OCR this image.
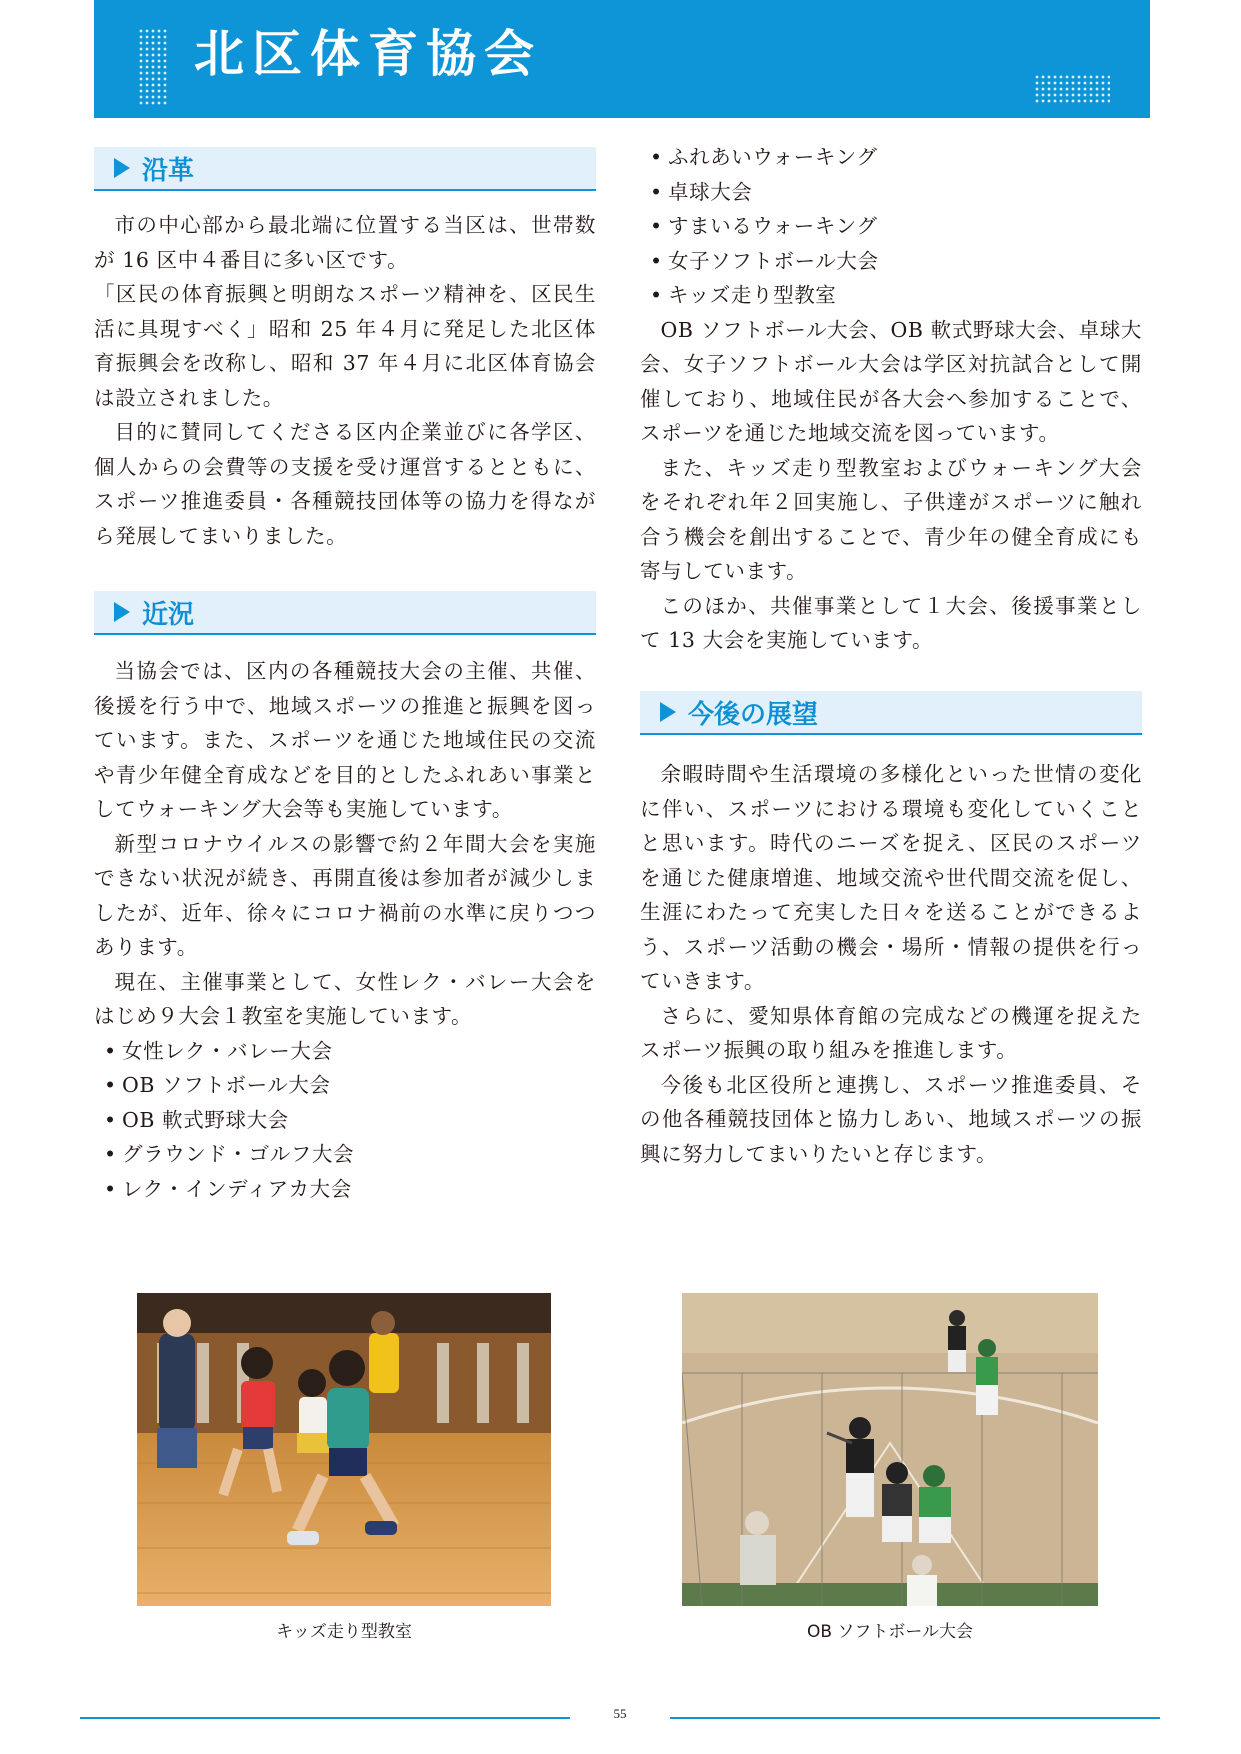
北区体育協会
沿革

市の中心部から最北端に位置する当区は、世帯数が 16 区中４番目に多い区です。

「区民の体育振興と明朗なスポーツ精神を、区民生活に具現すべく」昭和 25 年４月に発足した北区体育振興会を改称し、昭和 37 年４月に北区体育協会は設立されました。

目的に賛同してくださる区内企業並びに各学区、個人からの会費等の支援を受け運営するとともに、スポーツ推進委員・各種競技団体等の協力を得ながら発展してまいりました。

近況

当協会では、区内の各種競技大会の主催、共催、後援を行う中で、地域スポーツの推進と振興を図っています。また、スポーツを通じた地域住民の交流や青少年健全育成などを目的としたふれあい事業としてウォーキング大会等も実施しています。

新型コロナウイルスの影響で約２年間大会を実施できない状況が続き、再開直後は参加者が減少しましたが、近年、徐々にコロナ禍前の水準に戻りつつあります。

現在、主催事業として、女性レク・バレー大会をはじめ９大会１教室を実施しています。

• 女性レク・バレー大会
• OB ソフトボール大会
• OB 軟式野球大会
• グラウンド・ゴルフ大会
• レク・インディアカ大会
• ふれあいウォーキング
• 卓球大会
• すまいるウォーキング
• 女子ソフトボール大会
• キッズ走り型教室

OB ソフトボール大会、OB 軟式野球大会、卓球大会、女子ソフトボール大会は学区対抗試合として開催しており、地域住民が各大会へ参加することで、スポーツを通じた地域交流を図っています。

また、キッズ走り型教室およびウォーキング大会をそれぞれ年２回実施し、子供達がスポーツに触れ合う機会を創出することで、青少年の健全育成にも寄与しています。

このほか、共催事業として１大会、後援事業として 13 大会を実施しています。

今後の展望

余暇時間や生活環境の多様化といった世情の変化に伴い、スポーツにおける環境も変化していくことと思います。時代のニーズを捉え、区民のスポーツを通じた健康増進、地域交流や世代間交流を促し、生涯にわたって充実した日々を送ることができるよう、スポーツ活動の機会・場所・情報の提供を行っていきます。

さらに、愛知県体育館の完成などの機運を捉えたスポーツ振興の取り組みを推進します。

今後も北区役所と連携し、スポーツ推進委員、その他各種競技団体と協力しあい、地域スポーツの振興に努力してまいりたいと存じます。

キッズ走り型教室	OB ソフトボール大会
55
